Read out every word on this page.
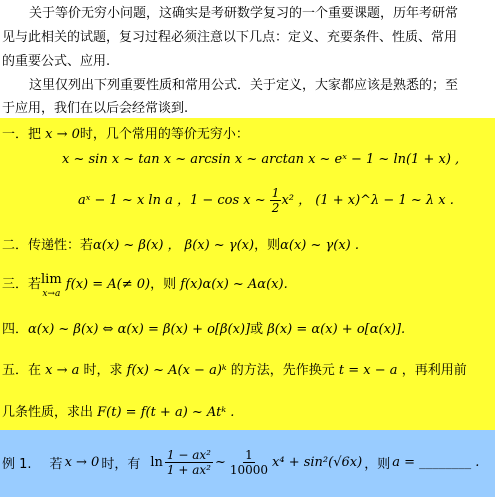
关于等价无穷小问题，这确实是考研数学复习的一个重要课题，历年考研常
见与此相关的试题，复习过程必须注意以下几点：定义、充要条件、性质、常用
的重要公式、应用.
这里仅列出下列重要性质和常用公式．关于定义，大家都应该是熟悉的；至
于应用，我们在以后会经常谈到.
一．把 x → 0时，几个常用的等价无穷小：
x ~ sin x ~ tan x ~ arcsin x ~ arctan x ~ eˣ − 1 ~ ln(1 + x) ,
aˣ − 1 ~ x ln a ，1 − cos x ~ $\frac{1}{2} x^2$ ， (1 + x)^λ − 1 ~ λ x .
二．传递性：若α(x) ~ β(x) ， β(x) ~ γ(x)，则α(x) ~ γ(x) .
三．若 lim
x→a
f(x) = A(≠ 0)，则 f(x)α(x) ~ Aα(x).
四．α(x) ~ β(x) ⇔ α(x) = β(x) + o[β(x)]或 β(x) = α(x) + o[α(x)].
五．在 x → a 时，求 f(x) ~ A(x − a)ᵏ 的方法，先作换元 t = x − a ，再利用前
几条性质，求出 F(t) = f(t + a) ~ Atᵏ .
例 1. 若 x → 0 时，有 $\ln \frac{\text{1 − ax²}}{\text{1 + ax²}}$ ~ $\frac{1}{10000} x^4 + \sin^2(√6x)$ ，则 a = ________ .
